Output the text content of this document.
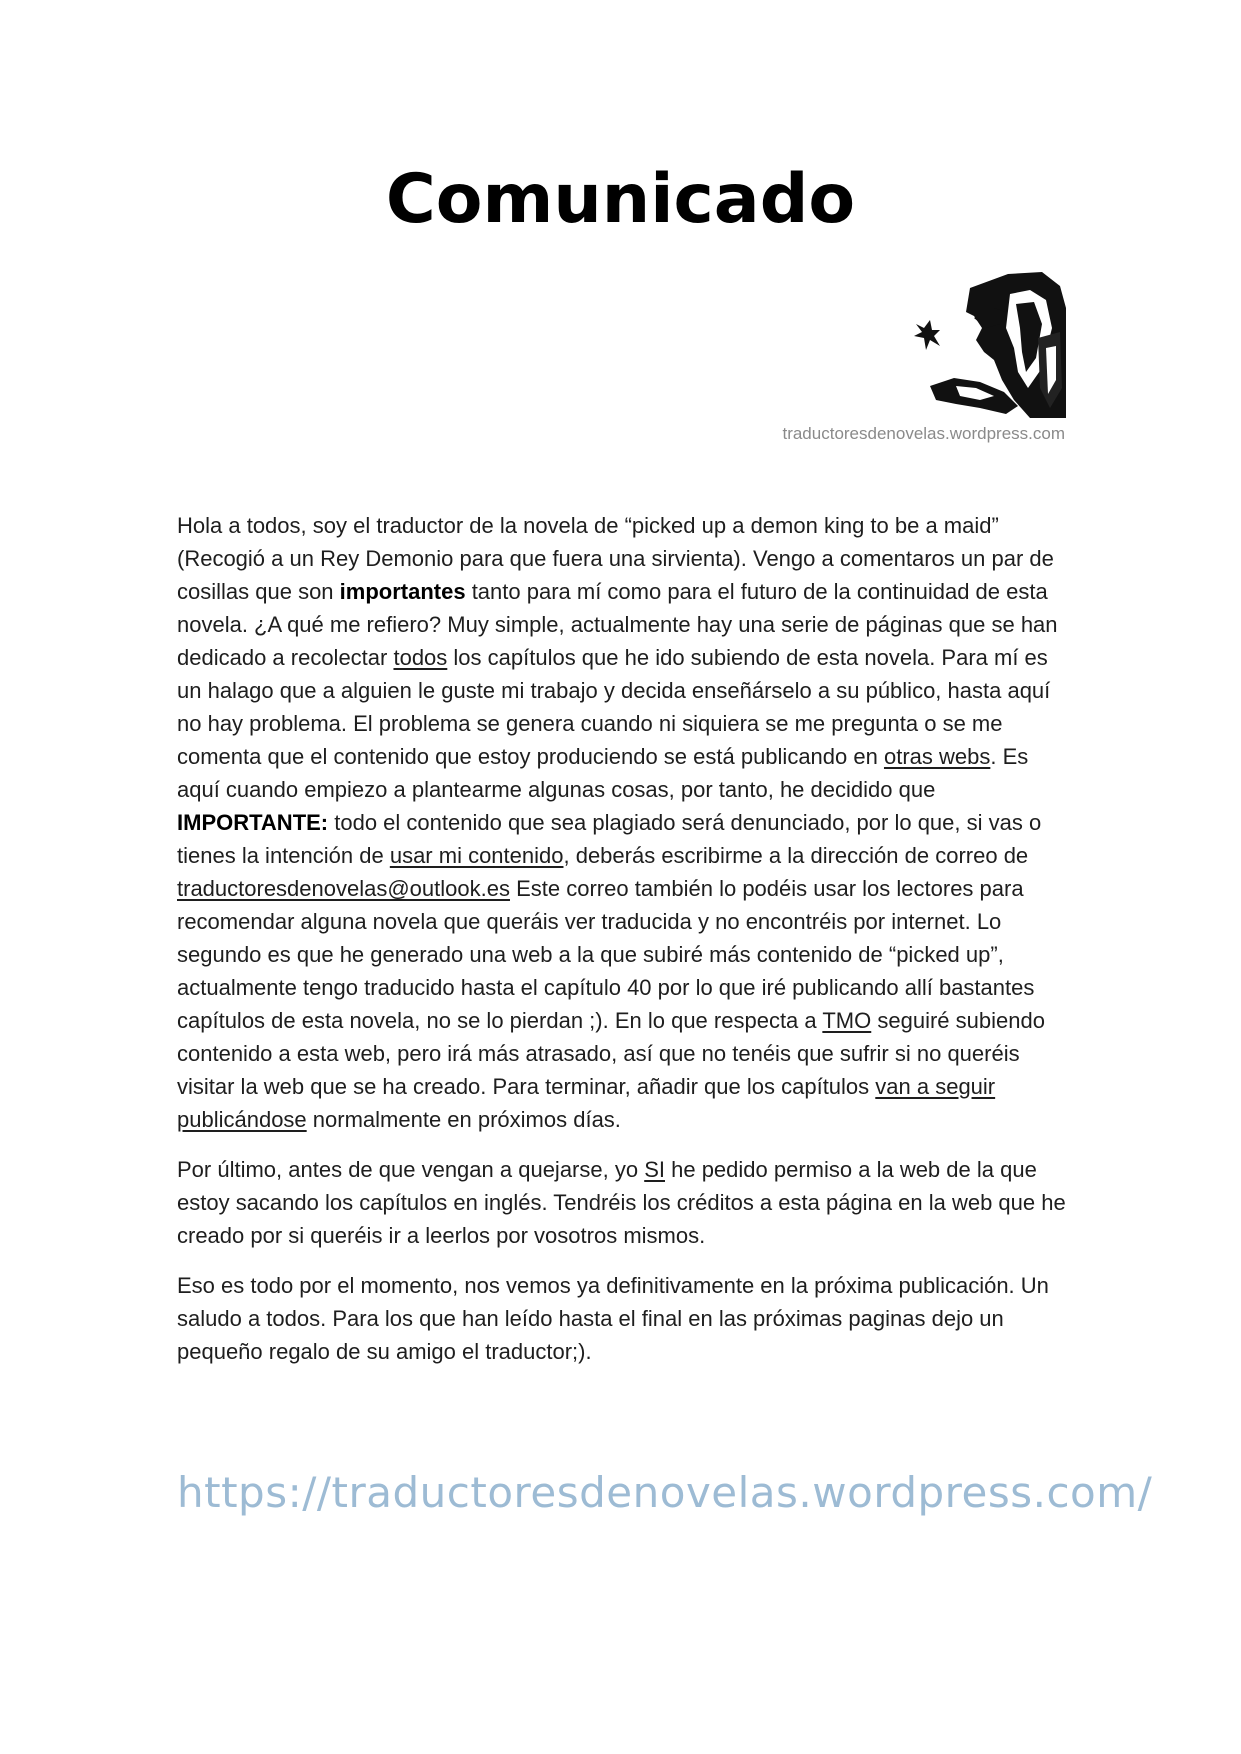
Comunicado
traductoresdenovelas.wordpress.com

Hola a todos, soy el traductor de la novela de “picked up a demon king to be a maid” (Recogió a un Rey Demonio para que fuera una sirvienta). Vengo a comentaros un par de cosillas que son importantes tanto para mí como para el futuro de la continuidad de esta novela. ¿A qué me refiero? Muy simple, actualmente hay una serie de páginas que se han dedicado a recolectar todos los capítulos que he ido subiendo de esta novela. Para mí es un halago que a alguien le guste mi trabajo y decida enseñárselo a su público, hasta aquí no hay problema. El problema se genera cuando ni siquiera se me pregunta o se me comenta que el contenido que estoy produciendo se está publicando en otras webs. Es aquí cuando empiezo a plantearme algunas cosas, por tanto, he decidido que IMPORTANTE: todo el contenido que sea plagiado será denunciado, por lo que, si vas o tienes la intención de usar mi contenido, deberás escribirme a la dirección de correo de traductoresdenovelas@outlook.es Este correo también lo podéis usar los lectores para recomendar alguna novela que queráis ver traducida y no encontréis por internet. Lo segundo es que he generado una web a la que subiré más contenido de “picked up”, actualmente tengo traducido hasta el capítulo 40 por lo que iré publicando allí bastantes capítulos de esta novela, no se lo pierdan ;). En lo que respecta a TMO seguiré subiendo contenido a esta web, pero irá más atrasado, así que no tenéis que sufrir si no queréis visitar la web que se ha creado. Para terminar, añadir que los capítulos van a seguir publicándose normalmente en próximos días.

Por último, antes de que vengan a quejarse, yo SI he pedido permiso a la web de la que estoy sacando los capítulos en inglés. Tendréis los créditos a esta página en la web que he creado por si queréis ir a leerlos por vosotros mismos.

Eso es todo por el momento, nos vemos ya definitivamente en la próxima publicación. Un saludo a todos. Para los que han leído hasta el final en las próximas paginas dejo un pequeño regalo de su amigo el traductor;).

https://traductoresdenovelas.wordpress.com/
